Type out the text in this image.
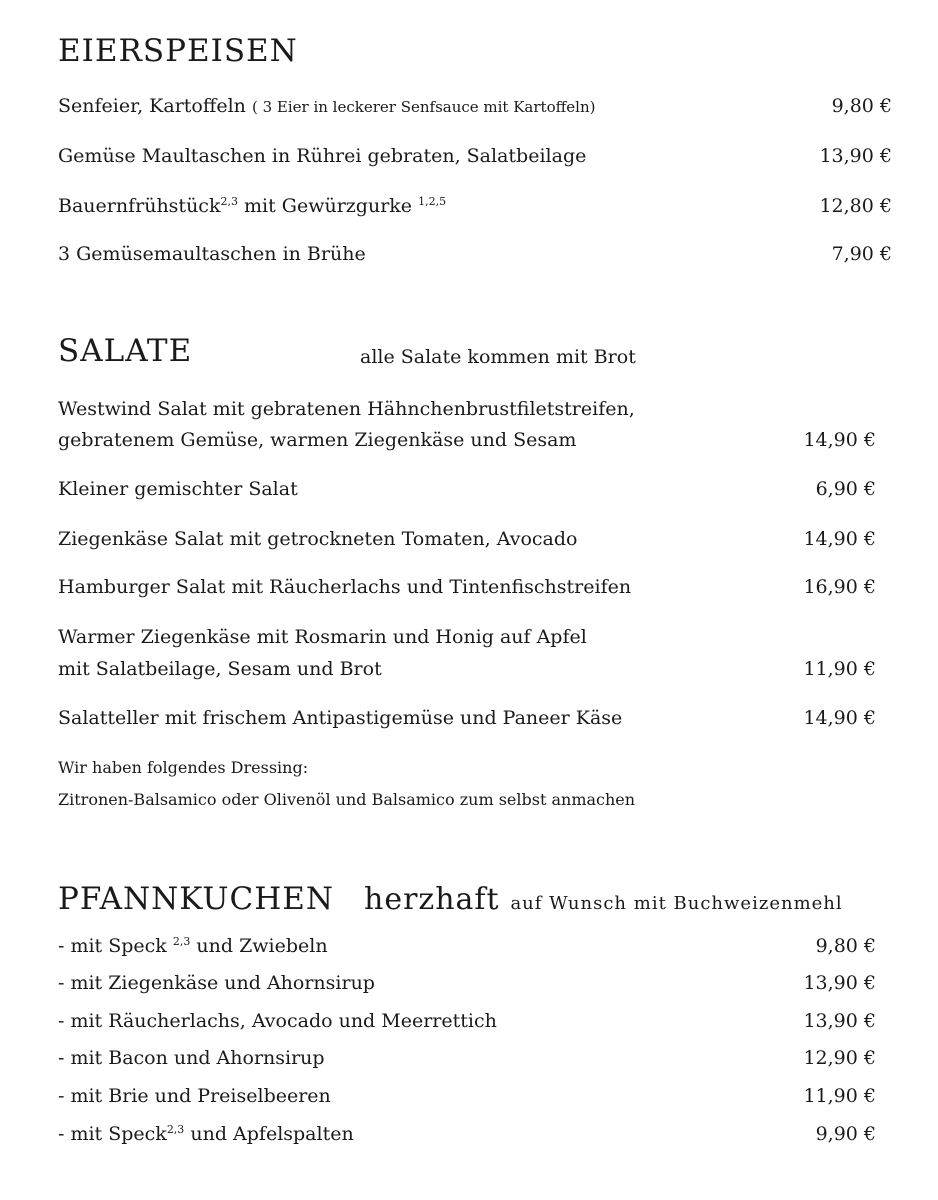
EIERSPEISEN
Senfeier, Kartoffeln ( 3 Eier in leckerer Senfsauce mit Kartoffeln)	9,80 €
Gemüse Maultaschen in Rührei gebraten, Salatbeilage	13,90 €
Bauernfrühstück$^{2,3}$ mit Gewürzgurke $^{1,2,5}$	12,80 €
3 Gemüsemaultaschen in Brühe	7,90 €
SALATE	alle Salate kommen mit Brot
Westwind Salat mit gebratenen Hähnchenbrustfiletstreifen,
gebratenem Gemüse, warmen Ziegenkäse und Sesam	14,90 €
Kleiner gemischter Salat	6,90 €
Ziegenkäse Salat mit getrockneten Tomaten, Avocado	14,90 €
Hamburger Salat mit Räucherlachs und Tintenfischstreifen	16,90 €
Warmer Ziegenkäse mit Rosmarin und Honig auf Apfel
mit Salatbeilage, Sesam und Brot	11,90 €
Salatteller mit frischem Antipastigemüse und Paneer Käse	14,90 €
Wir haben folgendes Dressing:
Zitronen-Balsamico oder Olivenöl und Balsamico zum selbst anmachen
PFANNKUCHEN herzhaft auf Wunsch mit Buchweizenmehl
- mit Speck $^{2,3}$ und Zwiebeln	9,80 €
- mit Ziegenkäse und Ahornsirup	13,90 €
- mit Räucherlachs, Avocado und Meerrettich	13,90 €
- mit Bacon und Ahornsirup	12,90 €
- mit Brie und Preiselbeeren	11,90 €
- mit Speck$^{2,3}$ und Apfelspalten	9,90 €
